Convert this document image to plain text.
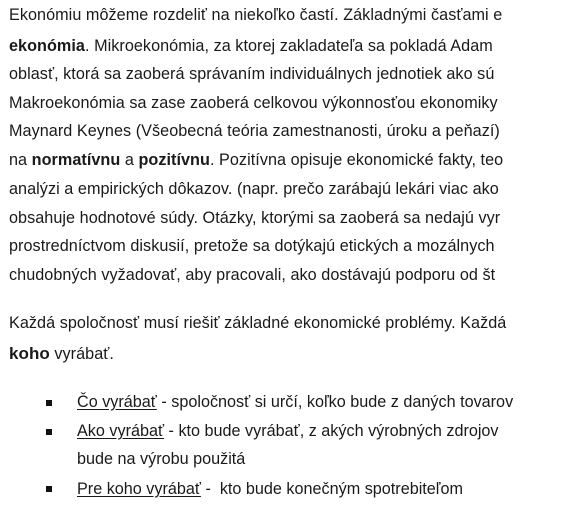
Ekonómiu môžeme rozdeliť na niekoľko častí. Základnými časťami e
ekonómia. Mikroekonómia, za ktorej zakladateľa sa pokladá Adam
oblasť, ktorá sa zaoberá správaním individuálnych jednotiek ako sú
Makroekonómia sa zase zaoberá celkovou výkonnosťou ekonomiky
Maynard Keynes (Všeobecná teória zamestnanosti, úroku a peňazí)
na normatívnu a pozitívnu. Pozitívna opisuje ekonomické fakty, teo
analýzi a empirických dôkazov. (napr. prečo zarábajú lekári viac ako
obsahuje hodnotové súdy. Otázky, ktorými sa zaoberá sa nedajú vyr
prostredníctvom diskusií, pretože sa dotýkajú etických a mozálnych
chudobných vyžadovať, aby pracovali, ako dostávajú podporu od št
Každá spoločnosť musí riešiť základné ekonomické problémy. Každá
koho vyrábať.
Čo vyrábať - spoločnosť si určí, koľko bude z daných tovarov
Ako vyrábať - kto bude vyrábať, z akých výrobných zdrojov
bude na výrobu použitá
Pre koho vyrábať -  kto bude konečným spotrebiteľom
